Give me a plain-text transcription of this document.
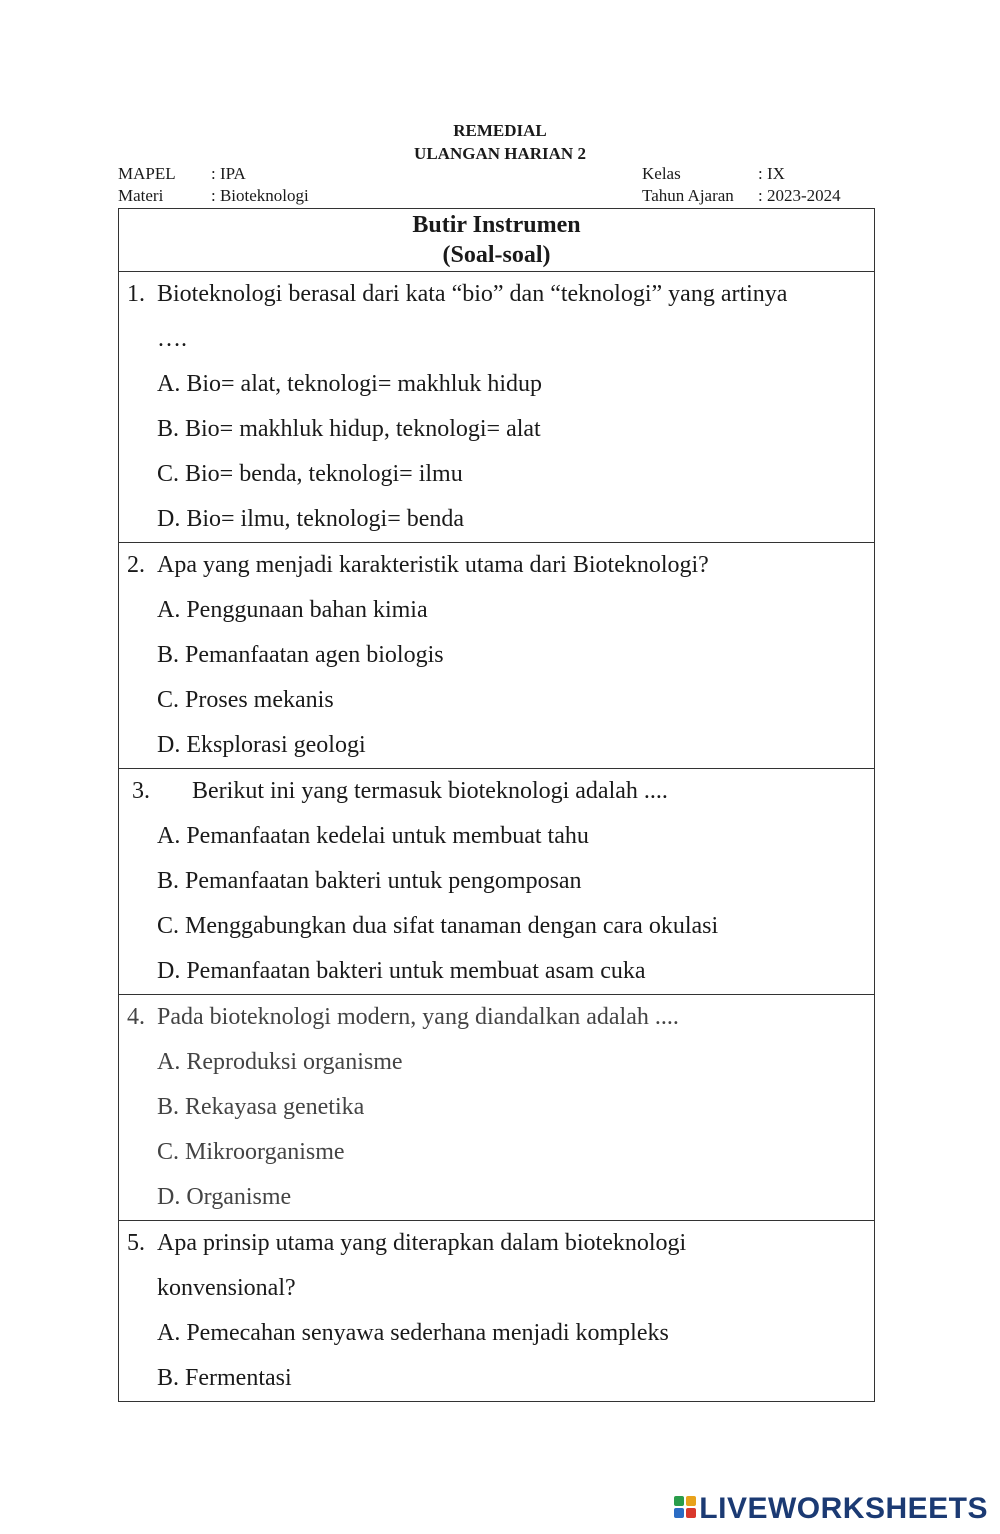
REMEDIAL
ULANGAN HARIAN 2
MAPEL : IPA
Materi	: Bioteknologi
Kelas	: IX
Tahun Ajaran : 2023-2024
Butir Instrumen
(Soal-soal)
1. Bioteknologi berasal dari kata “bio” dan “teknologi” yang artinya
….
A. Bio= alat, teknologi= makhluk hidup
B. Bio= makhluk hidup, teknologi= alat
C. Bio= benda, teknologi= ilmu
D. Bio= ilmu, teknologi= benda
2. Apa yang menjadi karakteristik utama dari Bioteknologi?
A. Penggunaan bahan kimia
B. Pemanfaatan agen biologis
C. Proses mekanis
D. Eksplorasi geologi
3.	Berikut ini yang termasuk bioteknologi adalah ....
A. Pemanfaatan kedelai untuk membuat tahu
B. Pemanfaatan bakteri untuk pengomposan
C. Menggabungkan dua sifat tanaman dengan cara okulasi
D. Pemanfaatan bakteri untuk membuat asam cuka
4. Pada bioteknologi modern, yang diandalkan adalah ....
A. Reproduksi organisme
B. Rekayasa genetika
C. Mikroorganisme
D. Organisme
5. Apa prinsip utama yang diterapkan dalam bioteknologi
konvensional?
A. Pemecahan senyawa sederhana menjadi kompleks
B. Fermentasi
LIVEWORKSHEETS
